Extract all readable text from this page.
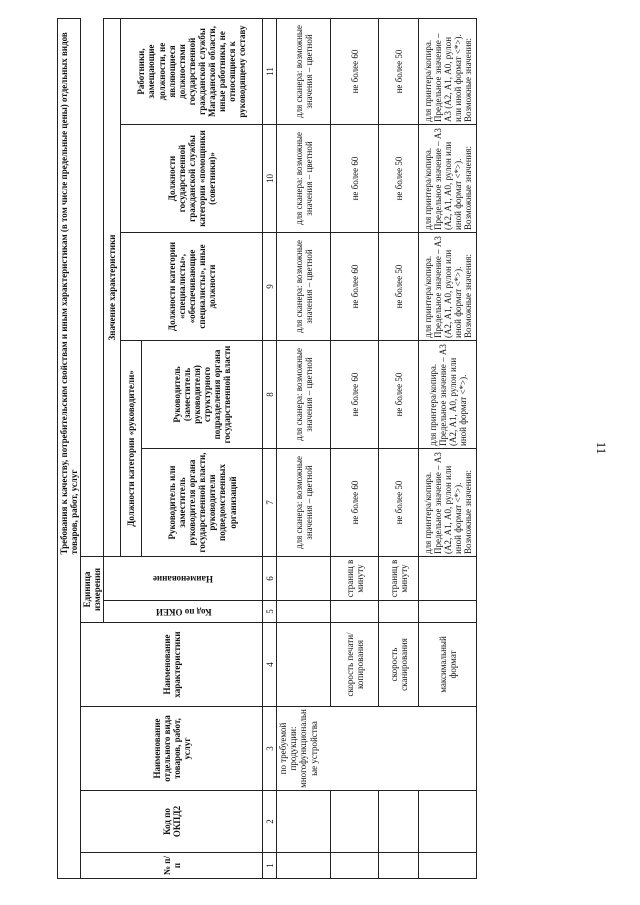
11
						Требования к качеству, потребительским свойствам и иным характеристикам (в том числе предельные цены) отдельных видов товаров, работ, услуг				
№ п/п	Код по ОКПД2	Наименование отдельного вида товаров, работ, услуг	Наименование характеристики	Единица измерения						

				Код по ОКЕИ	Наименование	Значение характеристики				
						Должности категории «руководители»		Должности категории «специалисты», «обеспечивающие специалисты», иные должности	Должности государственной гражданской службы категории «помощники (советники)»	Работники, замещающие должности, не являющиеся должностями государственной гражданской службы Магаданской области, иные работники, не относящиеся к руководящему составу
						Руководитель или заместитель руководителя органа государственной власти, руководители подведомственных организаций	Руководитель (заместитель руководителя) структурного подразделения органа государственной власти			
1	2	3	4	5	6	7	8	9	10	11
		по требуемой продукции: многофункциональные устройства				для сканера: возможные значения – цветной	для сканера: возможные значения – цветной	для сканера: возможные значения – цветной	для сканера: возможные значения – цветной	для сканера: возможные значения – цветной
			скорость печати/копирования		страниц в минуту	не более 60	не более 60	не более 60	не более 60	не более 60
			скорость сканирования		страниц в минуту	не более 50	не более 50	не более 50	не более 50	не более 50
			максимальный формат			для принтера/копира. Предельное значение – А3 (А2, А1, А0, рулон или иной формат <*>). Возможные значения:	для принтера/копира. Предельное значение – А3 (А2, А1, А0, рулон или иной формат <*>).	для принтера/копира. Предельное значение – А3 (А2, А1, А0, рулон или иной формат <*>). Возможные значения:	для принтера/копира. Предельное значение – А3 (А2, А1, А0, рулон или иной формат <*>). Возможные значения:	для принтера/копира. Предельное значение – А3 (А2, А1, А0, рулон или иной формат <*>). Возможные значения:
